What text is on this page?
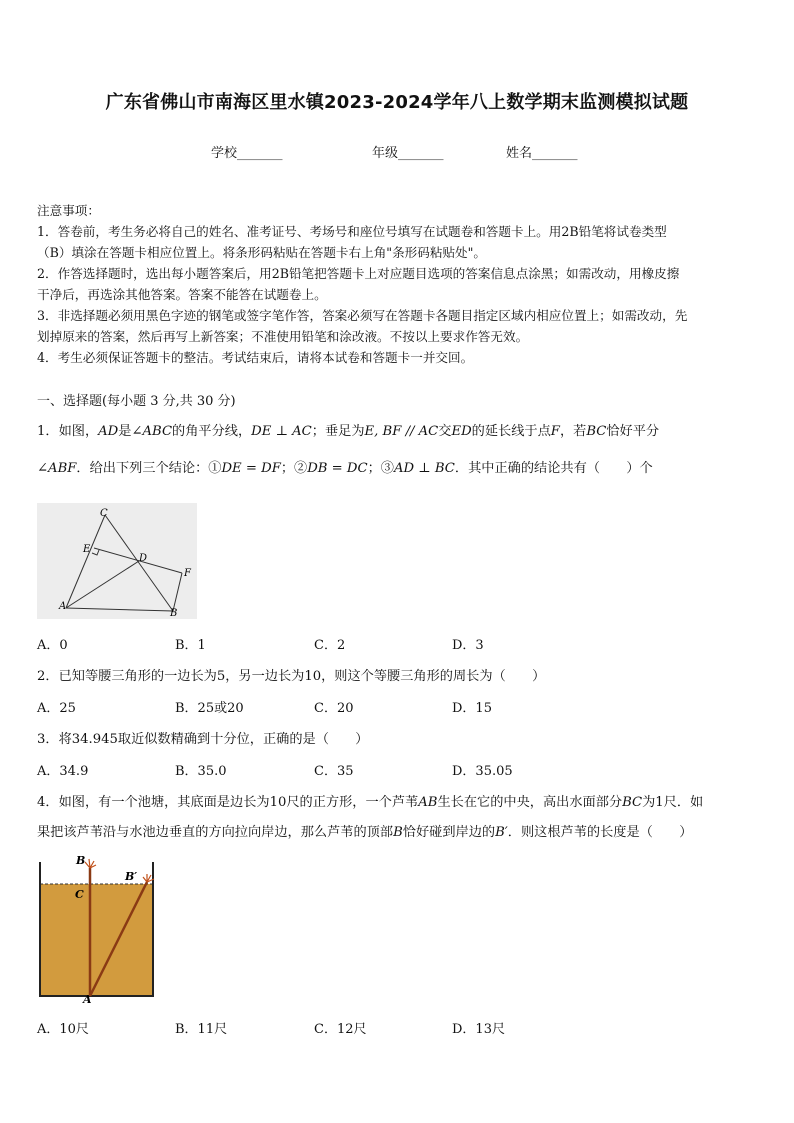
广东省佛山市南海区里水镇2023-2024学年八上数学期末监测模拟试题
学校_______	年级_______	姓名_______
注意事项：
1．答卷前，考生务必将自己的姓名、准考证号、考场号和座位号填写在试题卷和答题卡上。用2B铅笔将试卷类型
（B）填涂在答题卡相应位置上。将条形码粘贴在答题卡右上角"条形码粘贴处"。
2．作答选择题时，选出每小题答案后，用2B铅笔把答题卡上对应题目选项的答案信息点涂黑；如需改动，用橡皮擦
干净后，再选涂其他答案。答案不能答在试题卷上。
3．非选择题必须用黑色字迹的钢笔或签字笔作答，答案必须写在答题卡各题目指定区域内相应位置上；如需改动，先
划掉原来的答案，然后再写上新答案；不准使用铅笔和涂改液。不按以上要求作答无效。
4．考生必须保证答题卡的整洁。考试结束后，请将本试卷和答题卡一并交回。
一、选择题(每小题 3 分,共 30 分)
1．如图，AD是∠ABC的角平分线，DE ⊥ AC；垂足为E, BF // AC交ED的延长线于点F，若BC恰好平分
∠ABF．给出下列三个结论：①DE = DF；②DB = DC；③AD ⊥ BC．其中正确的结论共有（　　）个
C
E
D
F
A
B
A．0	B．1	C．2	D．3
2．已知等腰三角形的一边长为5，另一边长为10，则这个等腰三角形的周长为（　　）
A．25	B．25或20	C．20	D．15
3．将34.945取近似数精确到十分位，正确的是（　　）
A．34.9	B．35.0	C．35	D．35.05
4．如图，有一个池塘，其底面是边长为10尺的正方形，一个芦苇AB生长在它的中央，高出水面部分BC为1尺．如
果把该芦苇沿与水池边垂直的方向拉向岸边，那么芦苇的顶部B恰好碰到岸边的B′．则这根芦苇的长度是（　　）
B
B′
C
A
A．10尺	B．11尺	C．12尺	D．13尺
